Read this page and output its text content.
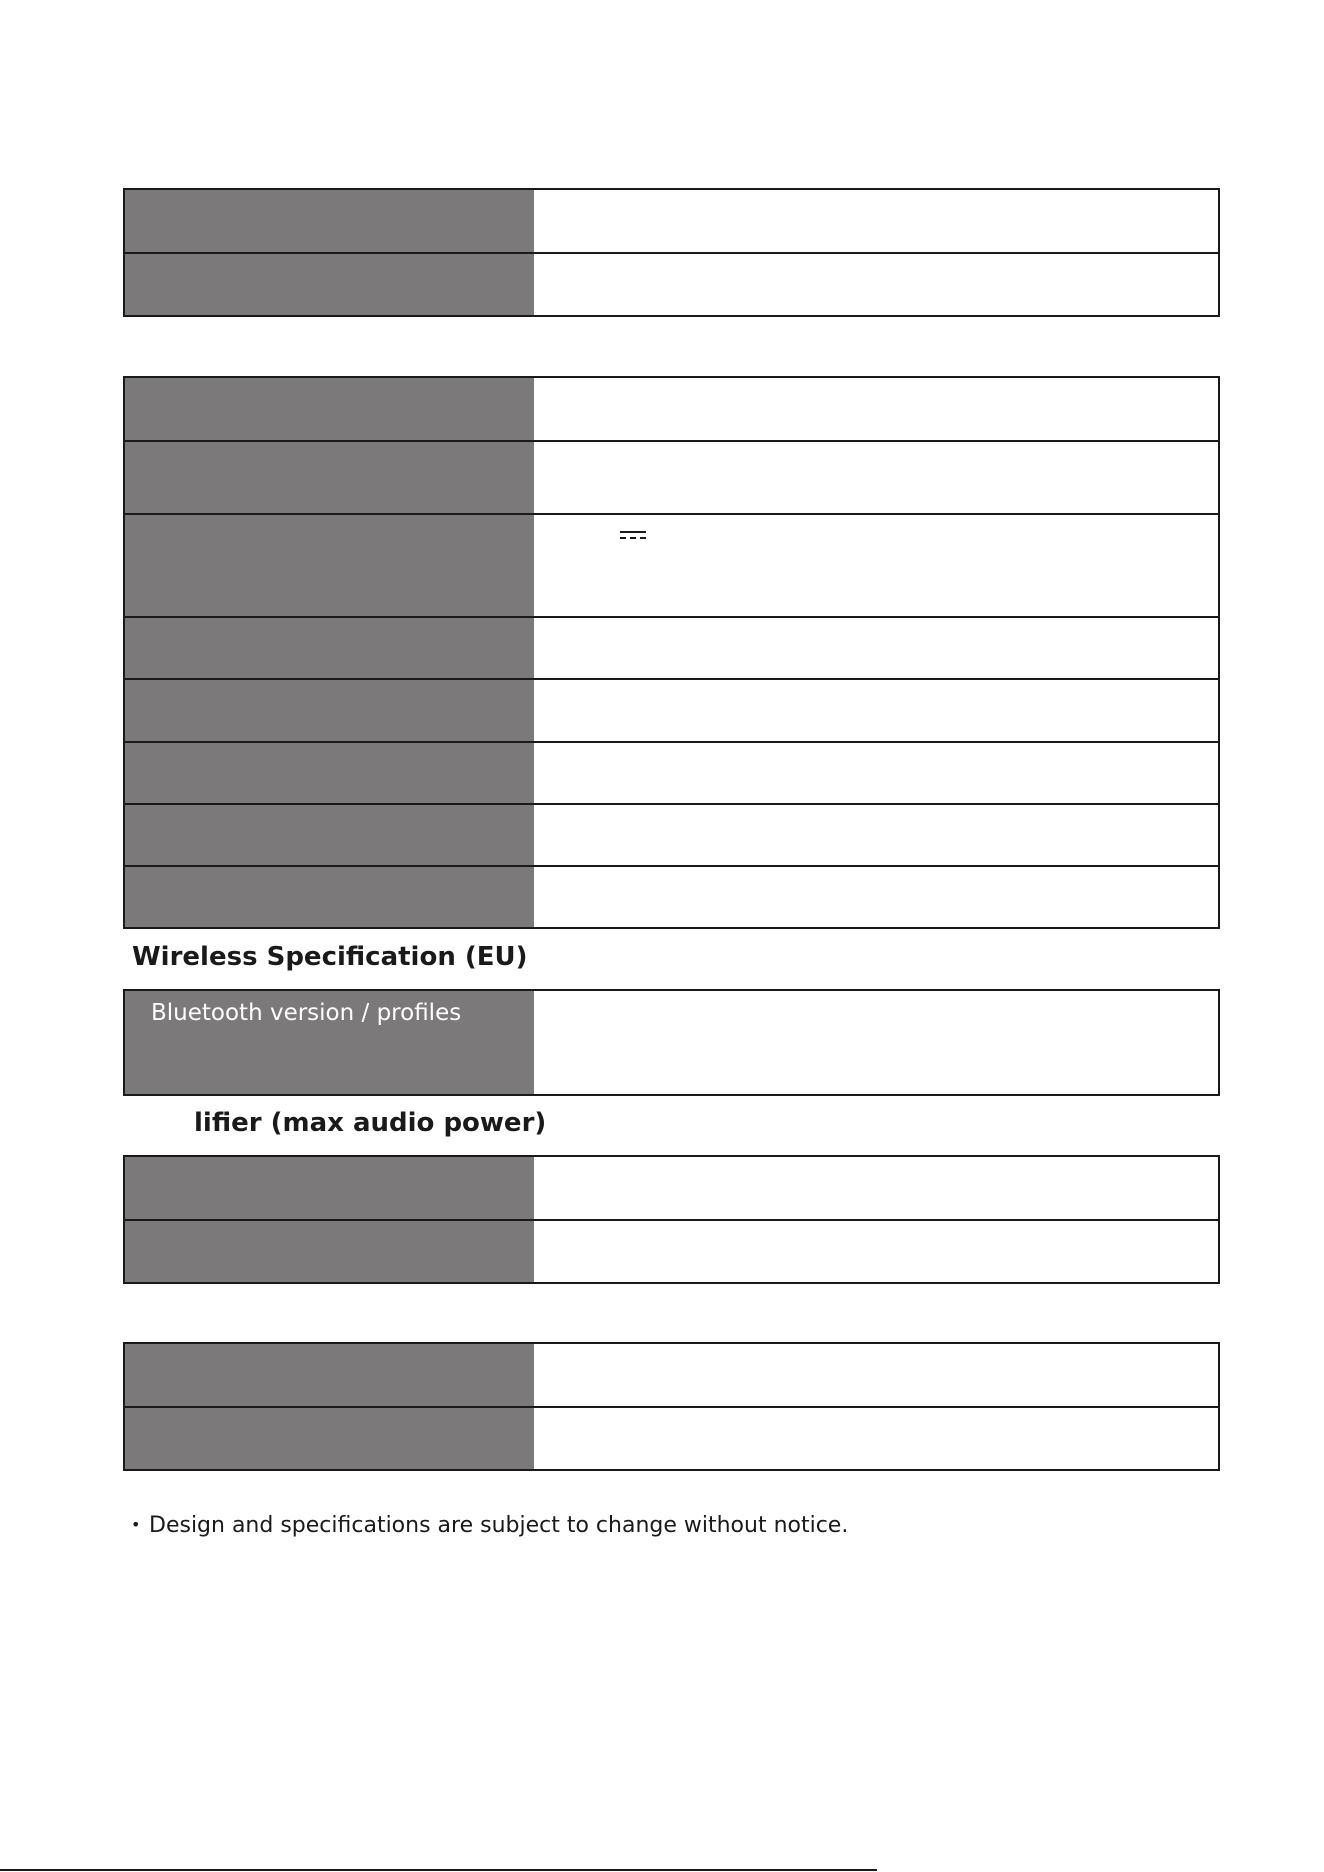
Wireless Specification (EU)
Bluetooth version / profiles
lifier (max audio power)
• Design and specifications are subject to change without notice.
